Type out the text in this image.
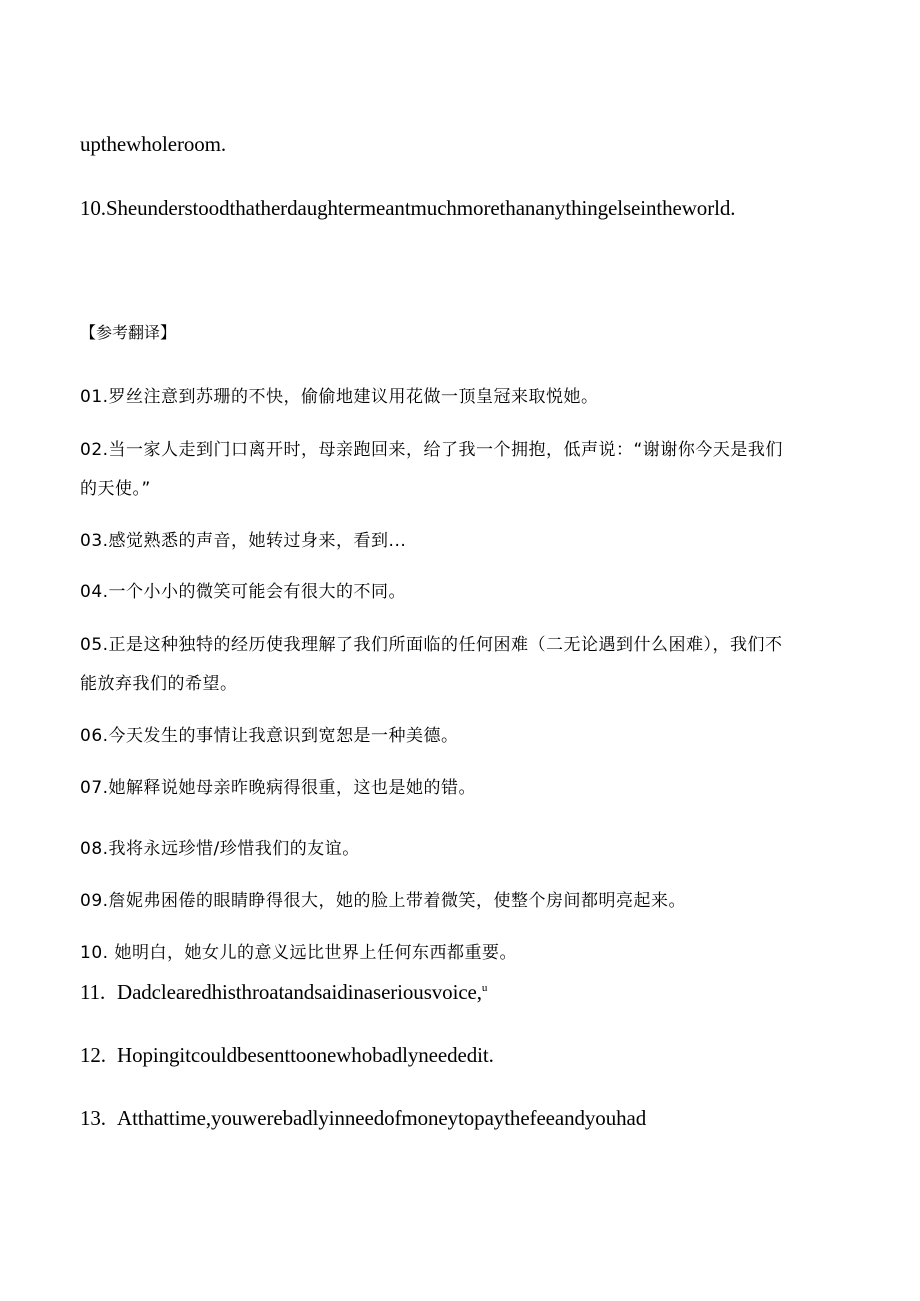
upthewholeroom.

10.Sheunderstoodthatherdaughtermeantmuchmorethananythingelseintheworld.

【参考翻译】

01.罗丝注意到苏珊的不快，偷偷地建议用花做一顶皇冠来取悦她。

02.当一家人走到门口离开时，母亲跑回来，给了我一个拥抱，低声说：“谢谢你今天是我们

的天使。”

03.感觉熟悉的声音，她转过身来，看到...

04.一个小小的微笑可能会有很大的不同。

05.正是这种独特的经历使我理解了我们所面临的任何困难（二无论遇到什么困难），我们不

能放弃我们的希望。

06.今天发生的事情让我意识到宽恕是一种美德。

07.她解释说她母亲昨晚病得很重，这也是她的错。

08.我将永远珍惜/珍惜我们的友谊。

09.詹妮弗困倦的眼睛睁得很大，她的脸上带着微笑，使整个房间都明亮起来。

10. 她明白，她女儿的意义远比世界上任何东西都重要。

11. Dadclearedhisthroatandsaidinaseriousvoice,$^u$

12. Hopingitcouldbesenttoonewhobadlyneededit.

13. Atthattime,youwerebadlyinneedofmoneytopaythefeeandyouhad
